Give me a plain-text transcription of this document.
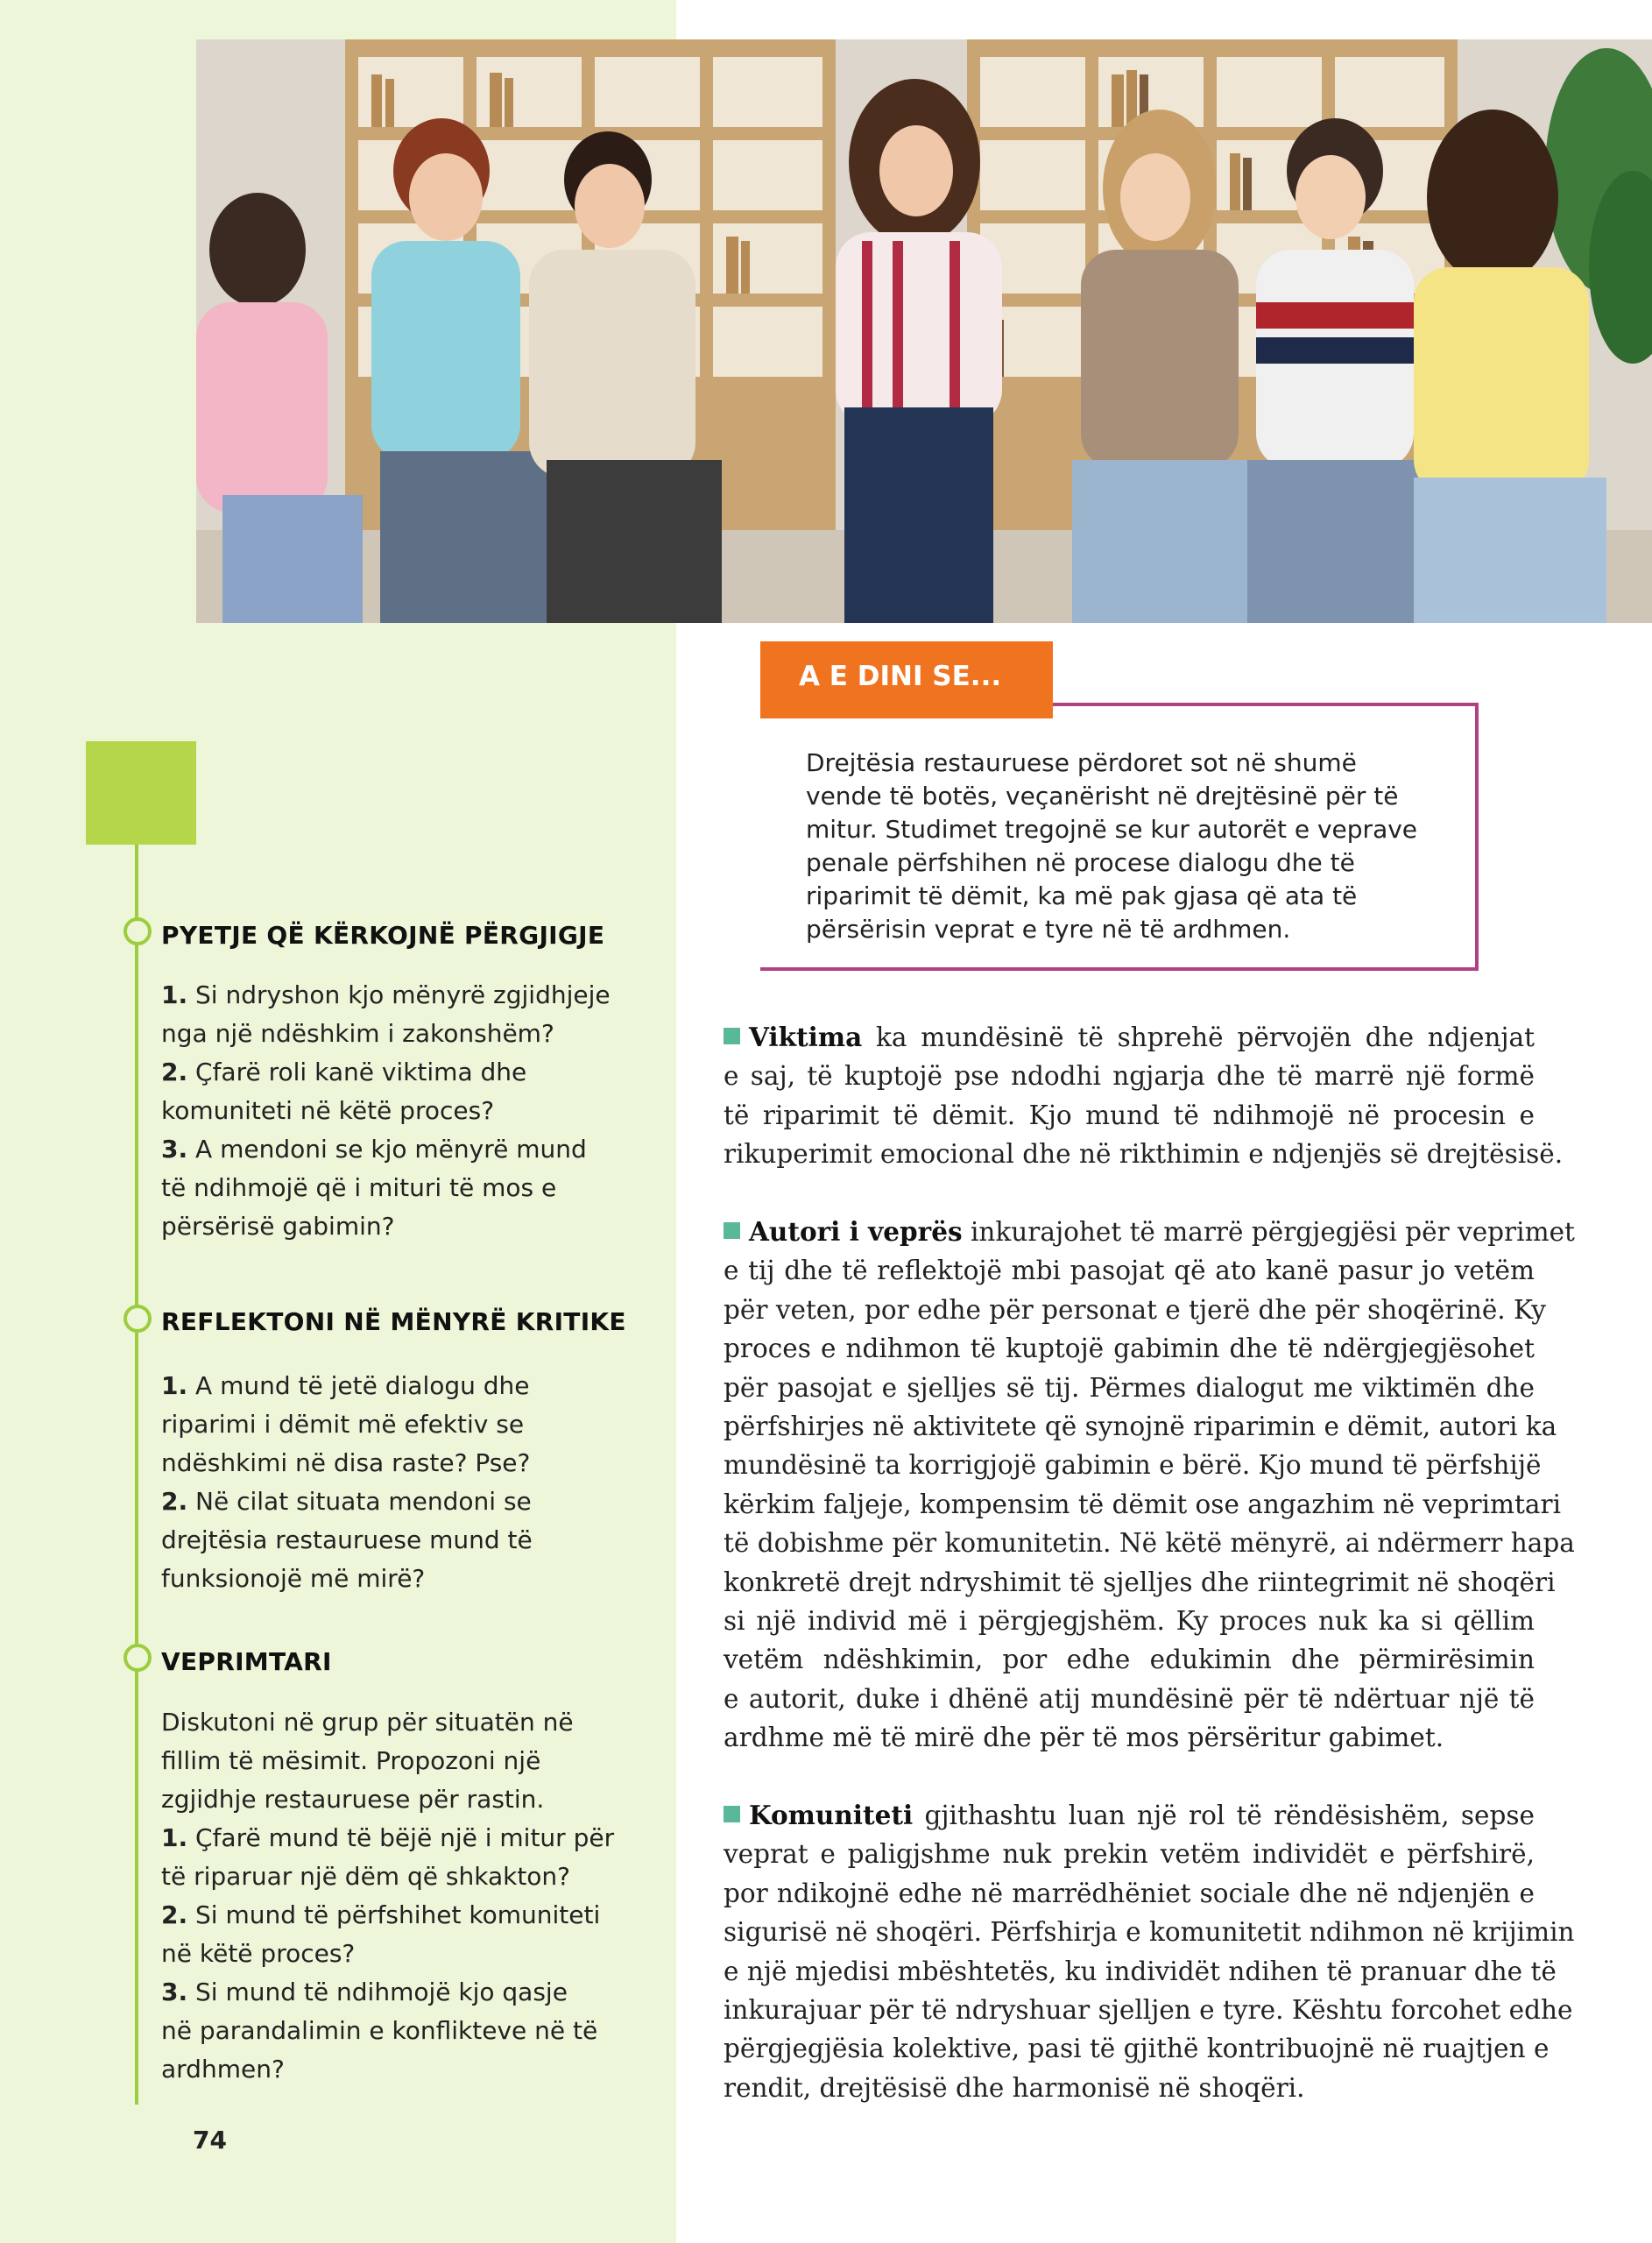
PYETJE QË KËRKOJNË PËRGJIGJE
1. Si ndryshon kjo mënyrë zgjidhjeje
nga një ndëshkim i zakonshëm?
2. Çfarë roli kanë viktima dhe
komuniteti në këtë proces?
3. A mendoni se kjo mënyrë mund
të ndihmojë që i mituri të mos e
përsërisë gabimin?
REFLEKTONI NË MËNYRË KRITIKE
1. A mund të jetë dialogu dhe
riparimi i dëmit më efektiv se
ndëshkimi në disa raste? Pse?
2. Në cilat situata mendoni se
drejtësia restauruese mund të
funksionojë më mirë?
VEPRIMTARI
Diskutoni në grup për situatën në
fillim të mësimit. Propozoni një
zgjidhje restauruese për rastin.
1. Çfarë mund të bëjë një i mitur për
të riparuar një dëm që shkakton?
2. Si mund të përfshihet komuniteti
në këtë proces?
3. Si mund të ndihmojë kjo qasje
në parandalimin e konflikteve në të
ardhmen?
74
A E DINI SE...
Drejtësia restauruese përdoret sot në shumë
vende të botës, veçanërisht në drejtësinë për të
mitur. Studimet tregojnë se kur autorët e veprave
penale përfshihen në procese dialogu dhe të
riparimit të dëmit, ka më pak gjasa që ata të
përsërisin veprat e tyre në të ardhmen.
Viktima ka mundësinë të shprehë përvojën dhe ndjenjat
e saj, të kuptojë pse ndodhi ngjarja dhe të marrë një formë
të riparimit të dëmit. Kjo mund të ndihmojë në procesin e
rikuperimit emocional dhe në rikthimin e ndjenjës së drejtësisë.
Autori i veprës inkurajohet të marrë përgjegjësi për veprimet
e tij dhe të reflektojë mbi pasojat që ato kanë pasur jo vetëm
për veten, por edhe për personat e tjerë dhe për shoqërinë. Ky
proces e ndihmon të kuptojë gabimin dhe të ndërgjegjësohet
për pasojat e sjelljes së tij. Përmes dialogut me viktimën dhe
përfshirjes në aktivitete që synojnë riparimin e dëmit, autori ka
mundësinë ta korrigjojë gabimin e bërë. Kjo mund të përfshijë
kërkim faljeje, kompensim të dëmit ose angazhim në veprimtari
të dobishme për komunitetin. Në këtë mënyrë, ai ndërmerr hapa
konkretë drejt ndryshimit të sjelljes dhe riintegrimit në shoqëri
si një individ më i përgjegjshëm. Ky proces nuk ka si qëllim
vetëm ndëshkimin, por edhe edukimin dhe përmirësimin
e autorit, duke i dhënë atij mundësinë për të ndërtuar një të
ardhme më të mirë dhe për të mos përsëritur gabimet.
Komuniteti gjithashtu luan një rol të rëndësishëm, sepse
veprat e paligjshme nuk prekin vetëm individët e përfshirë,
por ndikojnë edhe në marrëdhëniet sociale dhe në ndjenjën e
sigurisë në shoqëri. Përfshirja e komunitetit ndihmon në krijimin
e një mjedisi mbështetës, ku individët ndihen të pranuar dhe të
inkurajuar për të ndryshuar sjelljen e tyre. Kështu forcohet edhe
përgjegjësia kolektive, pasi të gjithë kontribuojnë në ruajtjen e
rendit, drejtësisë dhe harmonisë në shoqëri.
